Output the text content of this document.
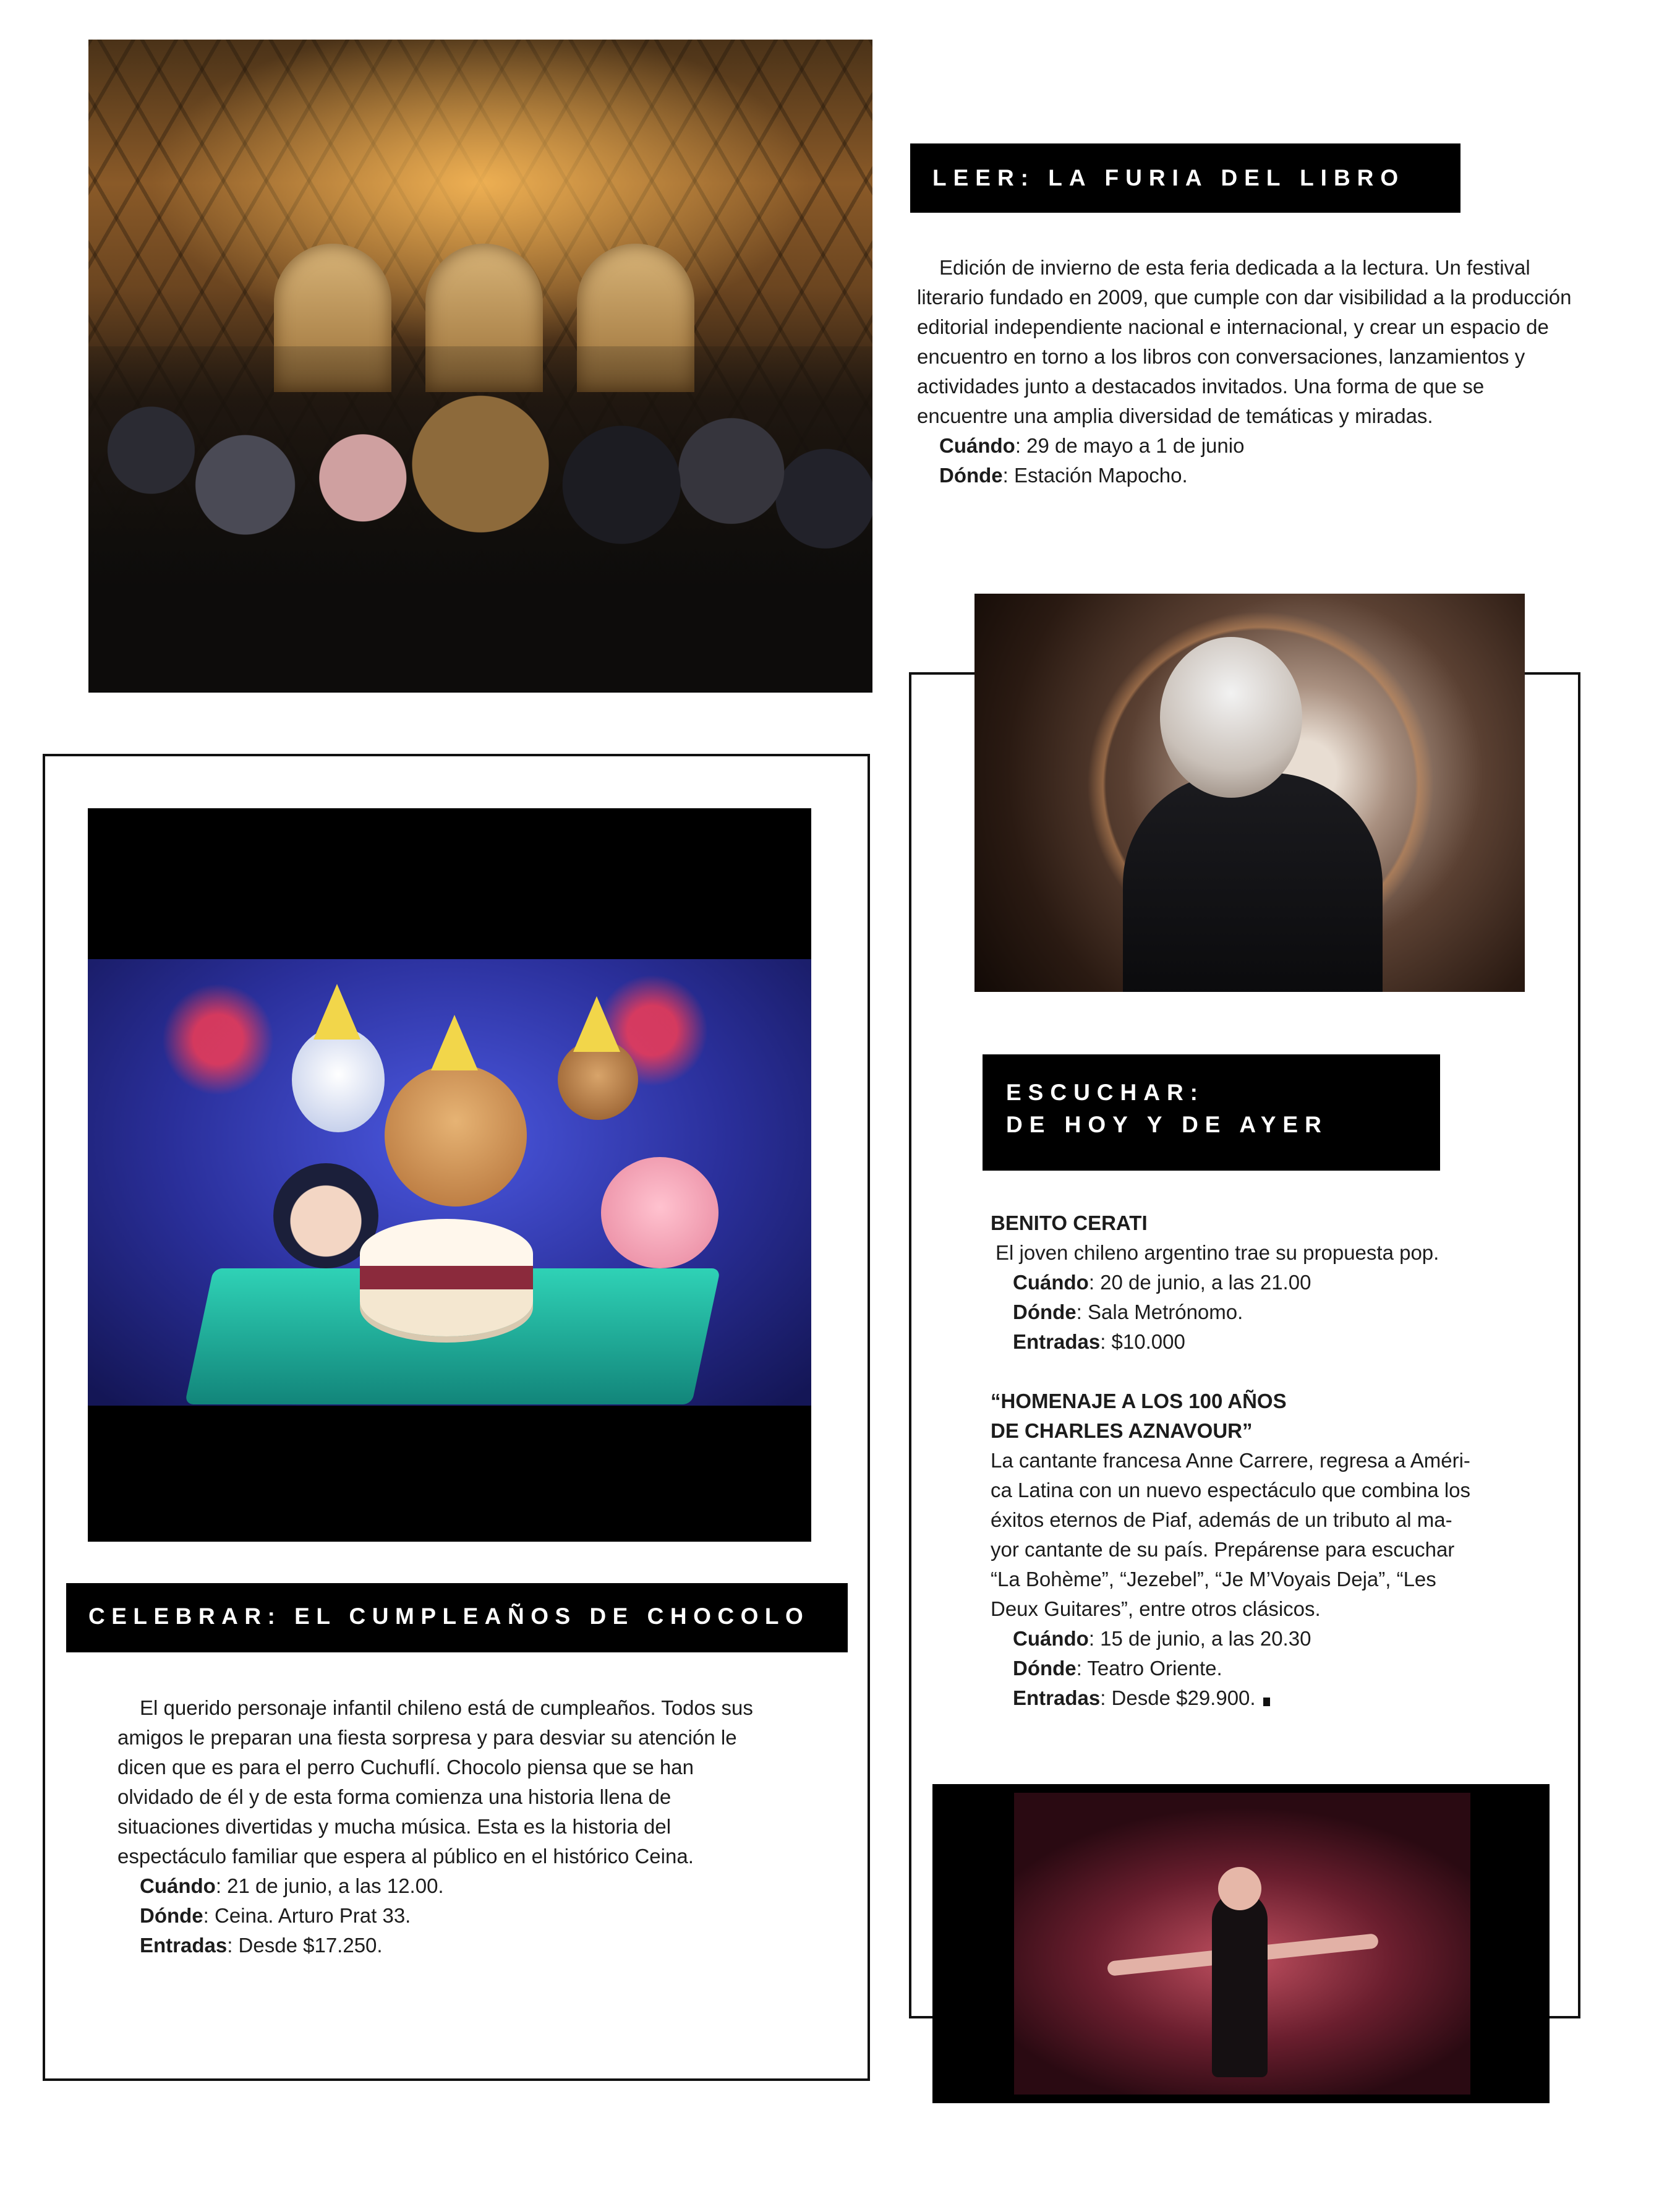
LEER: LA FURIA DEL LIBRO

Edición de invierno de esta feria dedicada a la lectura. Un festival literario fundado en 2009, que cumple con dar visibilidad a la producción editorial independiente nacional e internacional, y crear un espacio de encuentro en torno a los libros con conversaciones, lanzamientos y actividades junto a destacados invitados. Una forma de que se encuentre una amplia diversidad de temáticas y miradas.

Cuándo: 29 de mayo a 1 de junio

Dónde: Estación Mapocho.

ESCUCHAR:
DE HOY Y DE AYER

BENITO CERATI

El joven chileno argentino trae su propuesta pop.

Cuándo: 20 de junio, a las 21.00

Dónde: Sala Metrónomo.

Entradas: $10.000

“HOMENAJE A LOS 100 AÑOS

DE CHARLES AZNAVOUR”

La cantante francesa Anne Carrere, regresa a Améri-

ca Latina con un nuevo espectáculo que combina los

éxitos eternos de Piaf, además de un tributo al ma-

yor cantante de su país. Prepárense para escuchar

“La Bohème”, “Jezebel”, “Je M’Voyais Deja”, “Les

Deux Guitares”, entre otros clásicos.

Cuándo: 15 de junio, a las 20.30

Dónde: Teatro Oriente.

Entradas: Desde $29.900.

CELEBRAR: EL CUMPLEAÑOS DE CHOCOLO

El querido personaje infantil chileno está de cumpleaños. Todos sus amigos le preparan una fiesta sorpresa y para desviar su atención le dicen que es para el perro Cuchuflí. Chocolo piensa que se han olvidado de él y de esta forma comienza una historia llena de situaciones divertidas y mucha música. Esta es la historia del espectáculo familiar que espera al público en el histórico Ceina.

Cuándo: 21 de junio, a las 12.00.

Dónde: Ceina. Arturo Prat 33.

Entradas: Desde $17.250.
